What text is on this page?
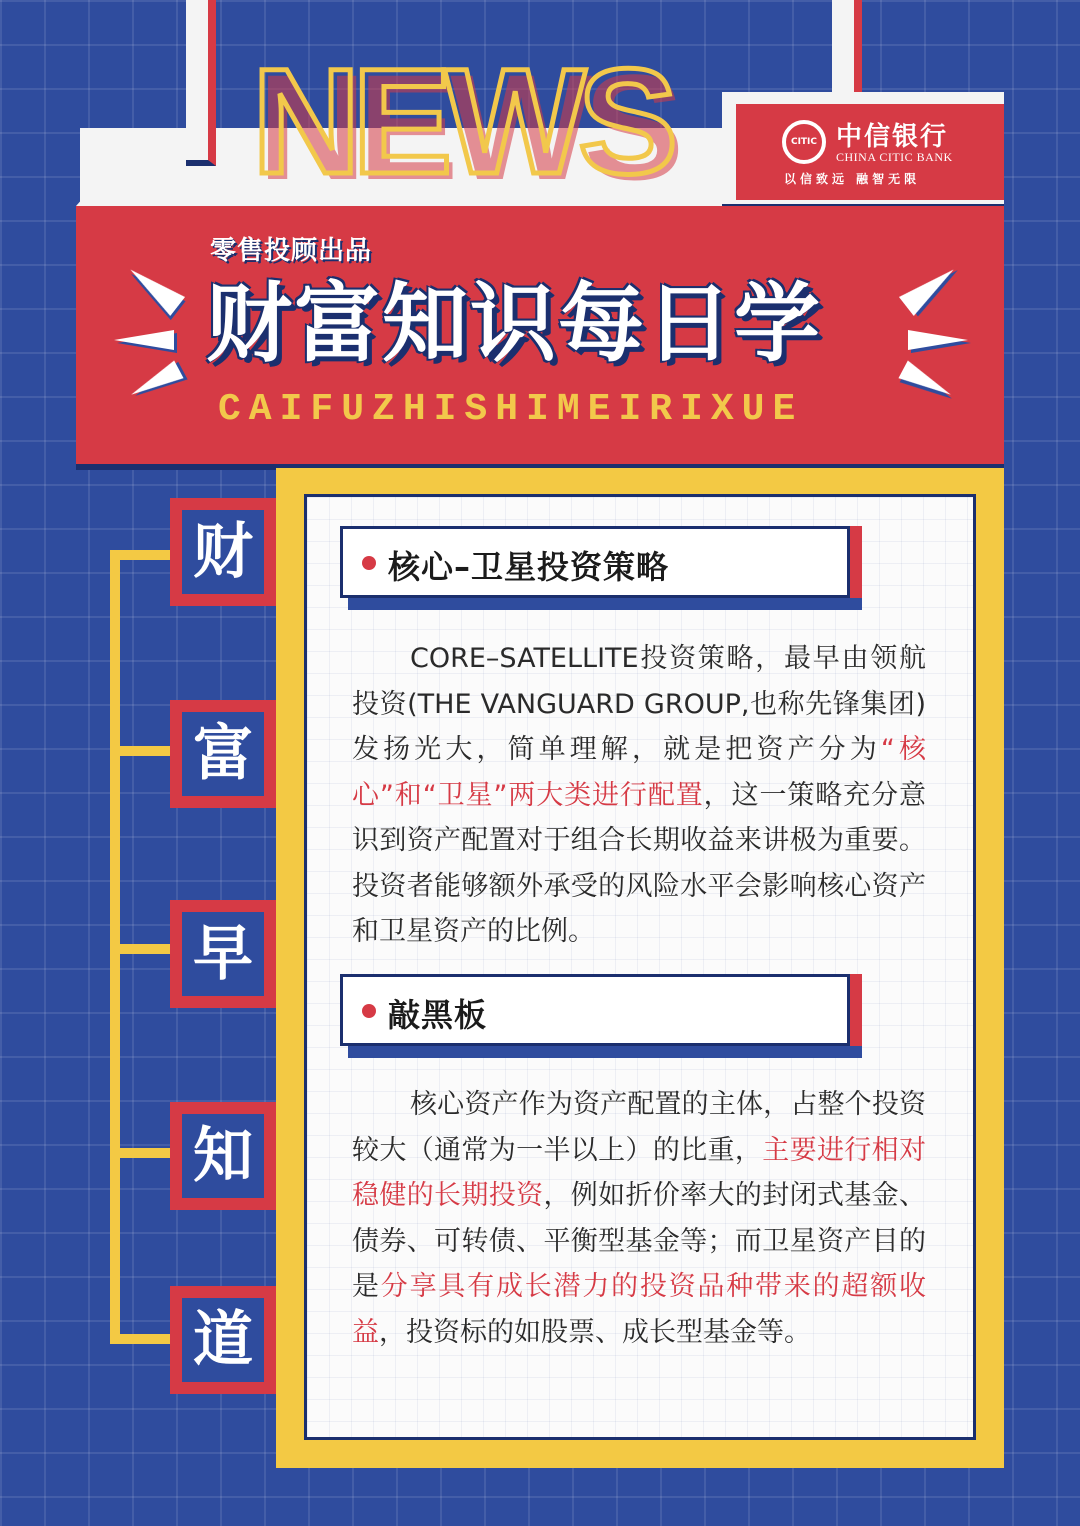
NEWS	CITIC 中信银行
CHINA CITIC BANK
以信致远 融智无限
零售投顾出品
财富知识每日学
CAIFUZHISHIMEIRIXUE
财
富
早
知
道
核心–卫星投资策略

CORE–SATELLITE投资策略，最早由领航投资(THE VANGUARD GROUP,也称先锋集团)发扬光大，简单理解，就是把资产分为“核心”和“卫星”两大类进行配置，这一策略充分意识到资产配置对于组合长期收益来讲极为重要。投资者能够额外承受的风险水平会影响核心资产和卫星资产的比例。

敲黑板

核心资产作为资产配置的主体，占整个投资较大（通常为一半以上）的比重，主要进行相对稳健的长期投资，例如折价率大的封闭式基金、债券、可转债、平衡型基金等；而卫星资产目的是分享具有成长潜力的投资品种带来的超额收益，投资标的如股票、成长型基金等。
